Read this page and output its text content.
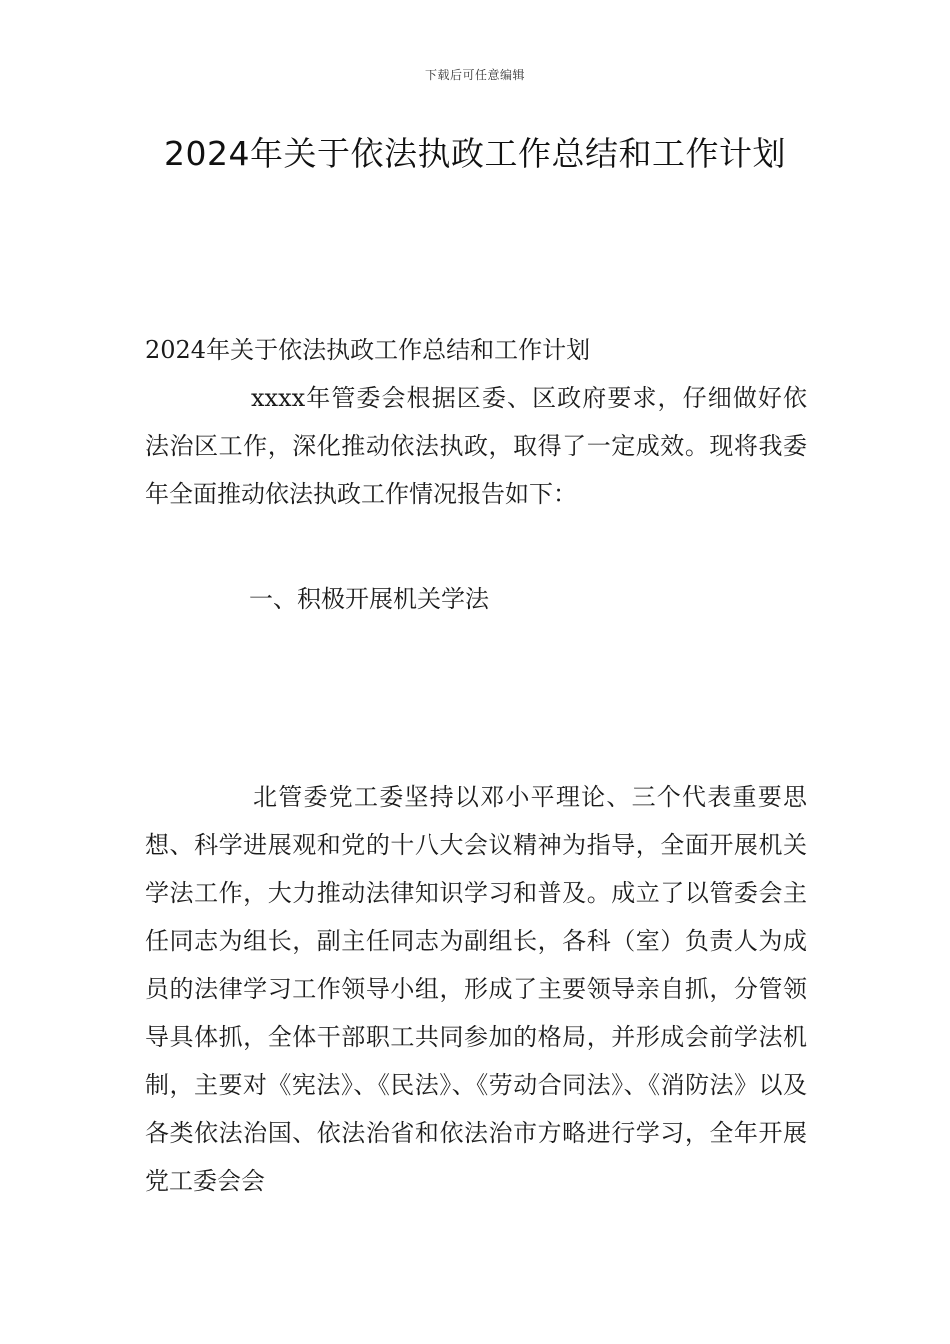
下载后可任意编辑
2024年关于依法执政工作总结和工作计划

2024年关于依法执政工作总结和工作计划

xxxx年管委会根据区委、区政府要求，仔细做好依法治区工作，深化推动依法执政，取得了一定成效。现将我委年全面推动依法执政工作情况报告如下：

一、积极开展机关学法

北管委党工委坚持以邓小平理论、三个代表重要思想、科学进展观和党的十八大会议精神为指导，全面开展机关学法工作，大力推动法律知识学习和普及。成立了以管委会主任同志为组长，副主任同志为副组长，各科（室）负责人为成员的法律学习工作领导小组，形成了主要领导亲自抓，分管领导具体抓，全体干部职工共同参加的格局，并形成会前学法机制，主要对《宪法》、《民法》、《劳动合同法》、《消防法》以及各类依法治国、依法治省和依法治市方略进行学习，全年开展党工委会会
